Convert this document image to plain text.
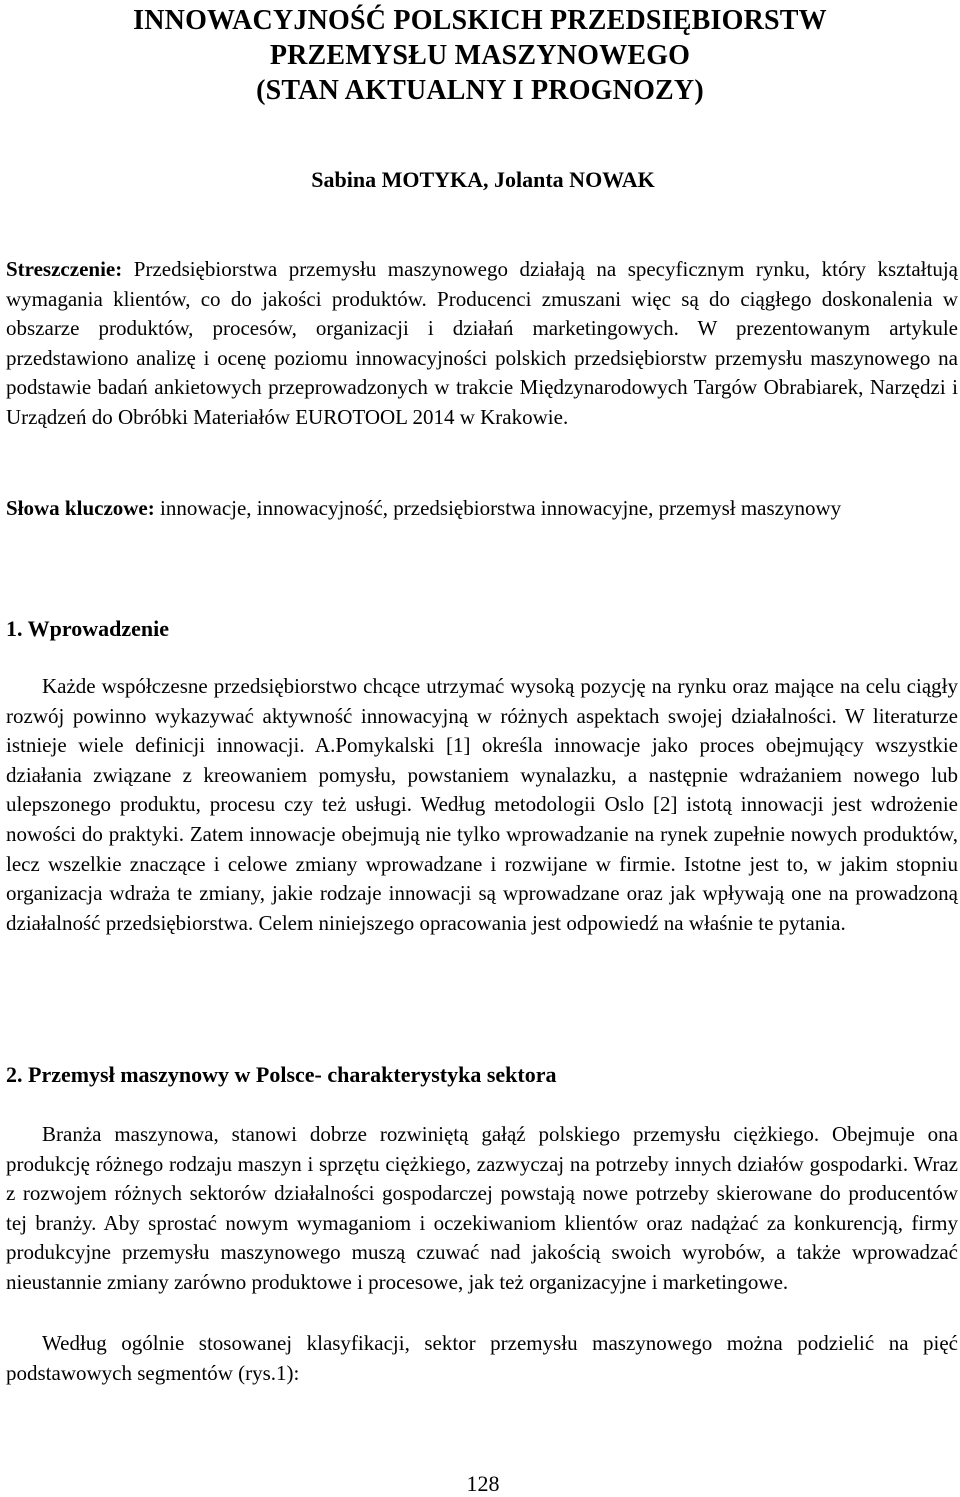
INNOWACYJNOŚĆ POLSKICH PRZEDSIĘBIORSTW
PRZEMYSŁU MASZYNOWEGO
(STAN AKTUALNY I PROGNOZY)
Sabina MOTYKA, Jolanta NOWAK
Streszczenie: Przedsiębiorstwa przemysłu maszynowego działają na specyficznym rynku, który kształtują wymagania klientów, co do jakości produktów. Producenci zmuszani więc są do ciągłego doskonalenia w obszarze produktów, procesów, organizacji i działań marketingowych. W prezentowanym artykule przedstawiono analizę i ocenę poziomu innowacyjności polskich przedsiębiorstw przemysłu maszynowego na podstawie badań ankietowych przeprowadzonych w trakcie Międzynarodowych Targów Obrabiarek, Narzędzi i Urządzeń do Obróbki Materiałów EUROTOOL 2014 w Krakowie.
Słowa kluczowe: innowacje, innowacyjność, przedsiębiorstwa innowacyjne, przemysł maszynowy
1. Wprowadzenie
Każde współczesne przedsiębiorstwo chcące utrzymać wysoką pozycję na rynku oraz mające na celu ciągły rozwój powinno wykazywać aktywność innowacyjną w różnych aspektach swojej działalności. W literaturze istnieje wiele definicji innowacji. A.Pomykalski [1] określa innowacje jako proces obejmujący wszystkie działania związane z kreowaniem pomysłu, powstaniem wynalazku, a następnie wdrażaniem nowego lub ulepszonego produktu, procesu czy też usługi. Według metodologii Oslo [2] istotą innowacji jest wdrożenie nowości do praktyki. Zatem innowacje obejmują nie tylko wprowadzanie na rynek zupełnie nowych produktów, lecz wszelkie znaczące i celowe zmiany wprowadzane i rozwijane w firmie. Istotne jest to, w jakim stopniu organizacja wdraża te zmiany, jakie rodzaje innowacji są wprowadzane oraz jak wpływają one na prowadzoną działalność przedsiębiorstwa. Celem niniejszego opracowania jest odpowiedź na właśnie te pytania.
2. Przemysł maszynowy w Polsce- charakterystyka sektora
Branża maszynowa, stanowi dobrze rozwiniętą gałąź polskiego przemysłu ciężkiego. Obejmuje ona produkcję różnego rodzaju maszyn i sprzętu ciężkiego, zazwyczaj na potrzeby innych działów gospodarki. Wraz z rozwojem różnych sektorów działalności gospodarczej powstają nowe potrzeby skierowane do producentów tej branży. Aby sprostać nowym wymaganiom i oczekiwaniom klientów oraz nadążać za konkurencją, firmy produkcyjne przemysłu maszynowego muszą czuwać nad jakością swoich wyrobów, a także wprowadzać nieustannie zmiany zarówno produktowe i procesowe, jak też organizacyjne i marketingowe.
Według ogólnie stosowanej klasyfikacji, sektor przemysłu maszynowego można podzielić na pięć podstawowych segmentów (rys.1):
128
